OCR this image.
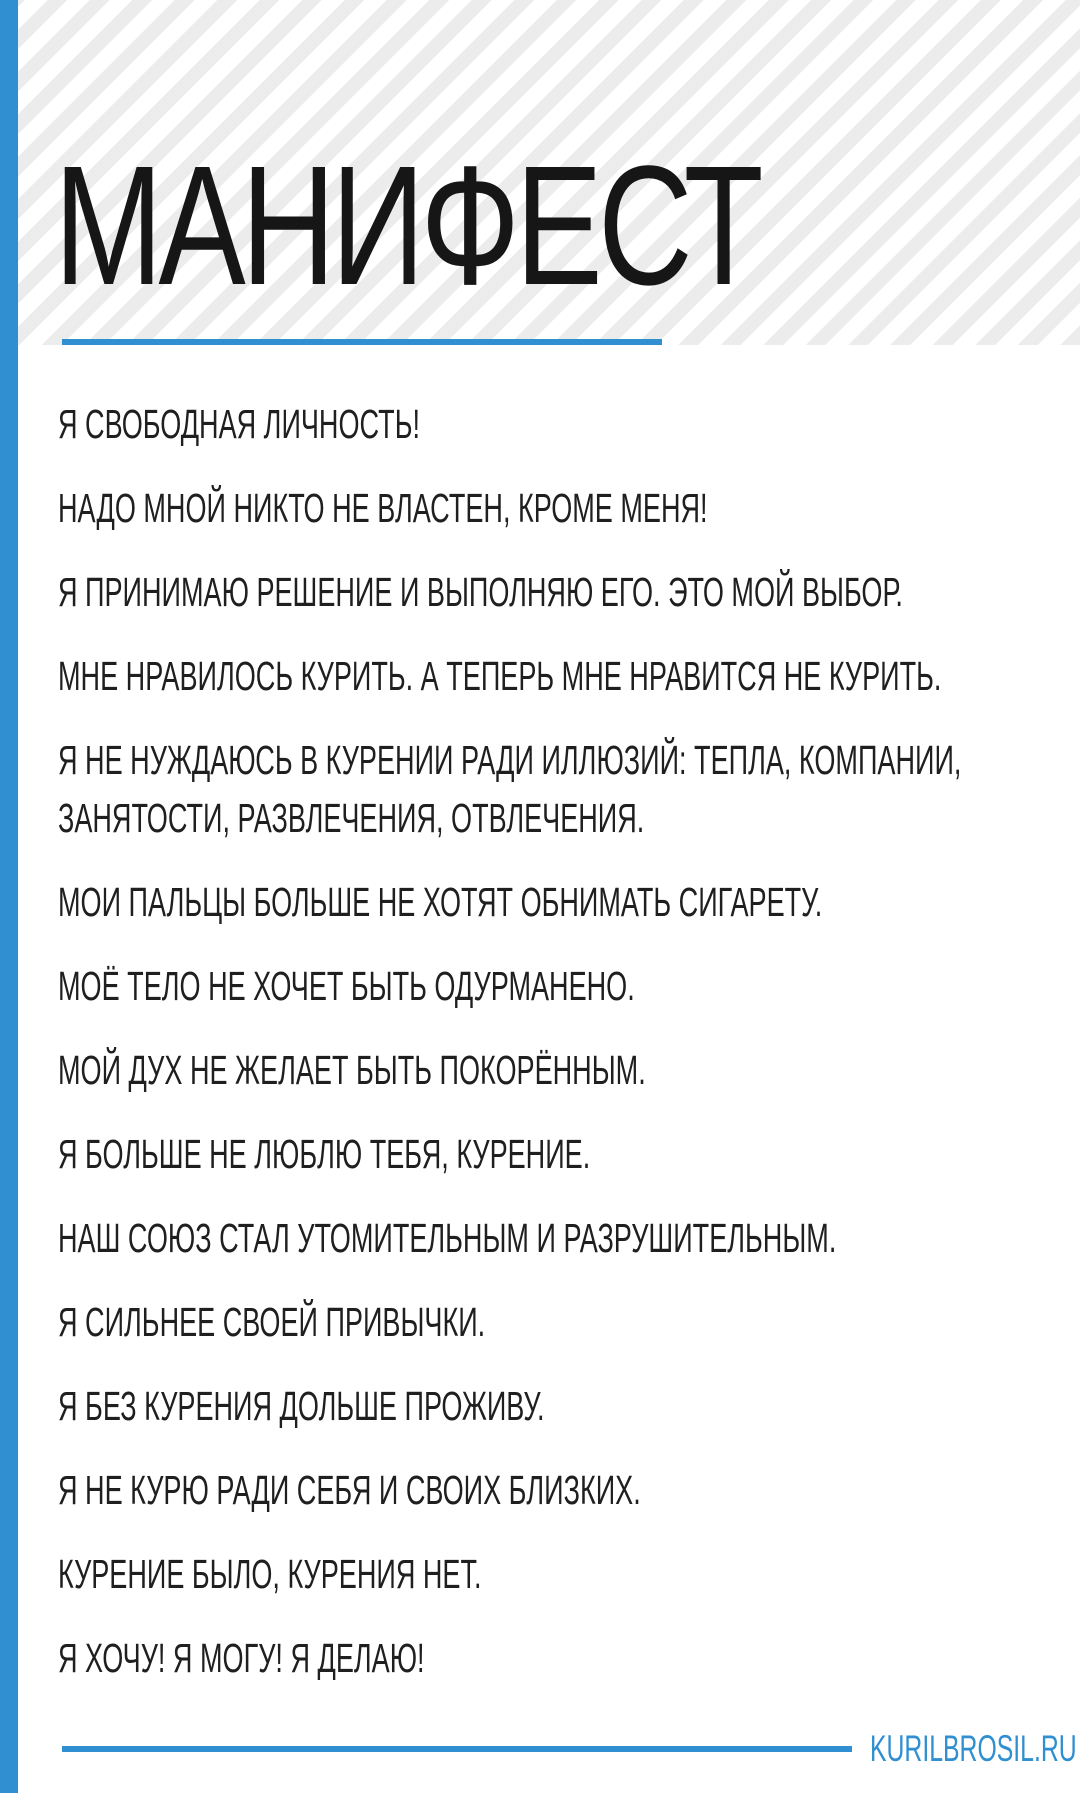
МАНИФЕСТ
Я СВОБОДНАЯ ЛИЧНОСТЬ!
НАДО МНОЙ НИКТО НЕ ВЛАСТЕН, КРОМЕ МЕНЯ!
Я ПРИНИМАЮ РЕШЕНИЕ И ВЫПОЛНЯЮ ЕГО. ЭТО МОЙ ВЫБОР.
МНЕ НРАВИЛОСЬ КУРИТЬ. А ТЕПЕРЬ МНЕ НРАВИТСЯ НЕ КУРИТЬ.
Я НЕ НУЖДАЮСЬ В КУРЕНИИ РАДИ ИЛЛЮЗИЙ: ТЕПЛА, КОМПАНИИ,
ЗАНЯТОСТИ, РАЗВЛЕЧЕНИЯ, ОТВЛЕЧЕНИЯ.
МОИ ПАЛЬЦЫ БОЛЬШЕ НЕ ХОТЯТ ОБНИМАТЬ СИГАРЕТУ.
МОЁ ТЕЛО НЕ ХОЧЕТ БЫТЬ ОДУРМАНЕНО.
МОЙ ДУХ НЕ ЖЕЛАЕТ БЫТЬ ПОКОРЁННЫМ.
Я БОЛЬШЕ НЕ ЛЮБЛЮ ТЕБЯ, КУРЕНИЕ.
НАШ СОЮЗ СТАЛ УТОМИТЕЛЬНЫМ И РАЗРУШИТЕЛЬНЫМ.
Я СИЛЬНЕЕ СВОЕЙ ПРИВЫЧКИ.
Я БЕЗ КУРЕНИЯ ДОЛЬШЕ ПРОЖИВУ.
Я НЕ КУРЮ РАДИ СЕБЯ И СВОИХ БЛИЗКИХ.
КУРЕНИЕ БЫЛО, КУРЕНИЯ НЕТ.
Я ХОЧУ! Я МОГУ! Я ДЕЛАЮ!
KURILBROSIL.RU
